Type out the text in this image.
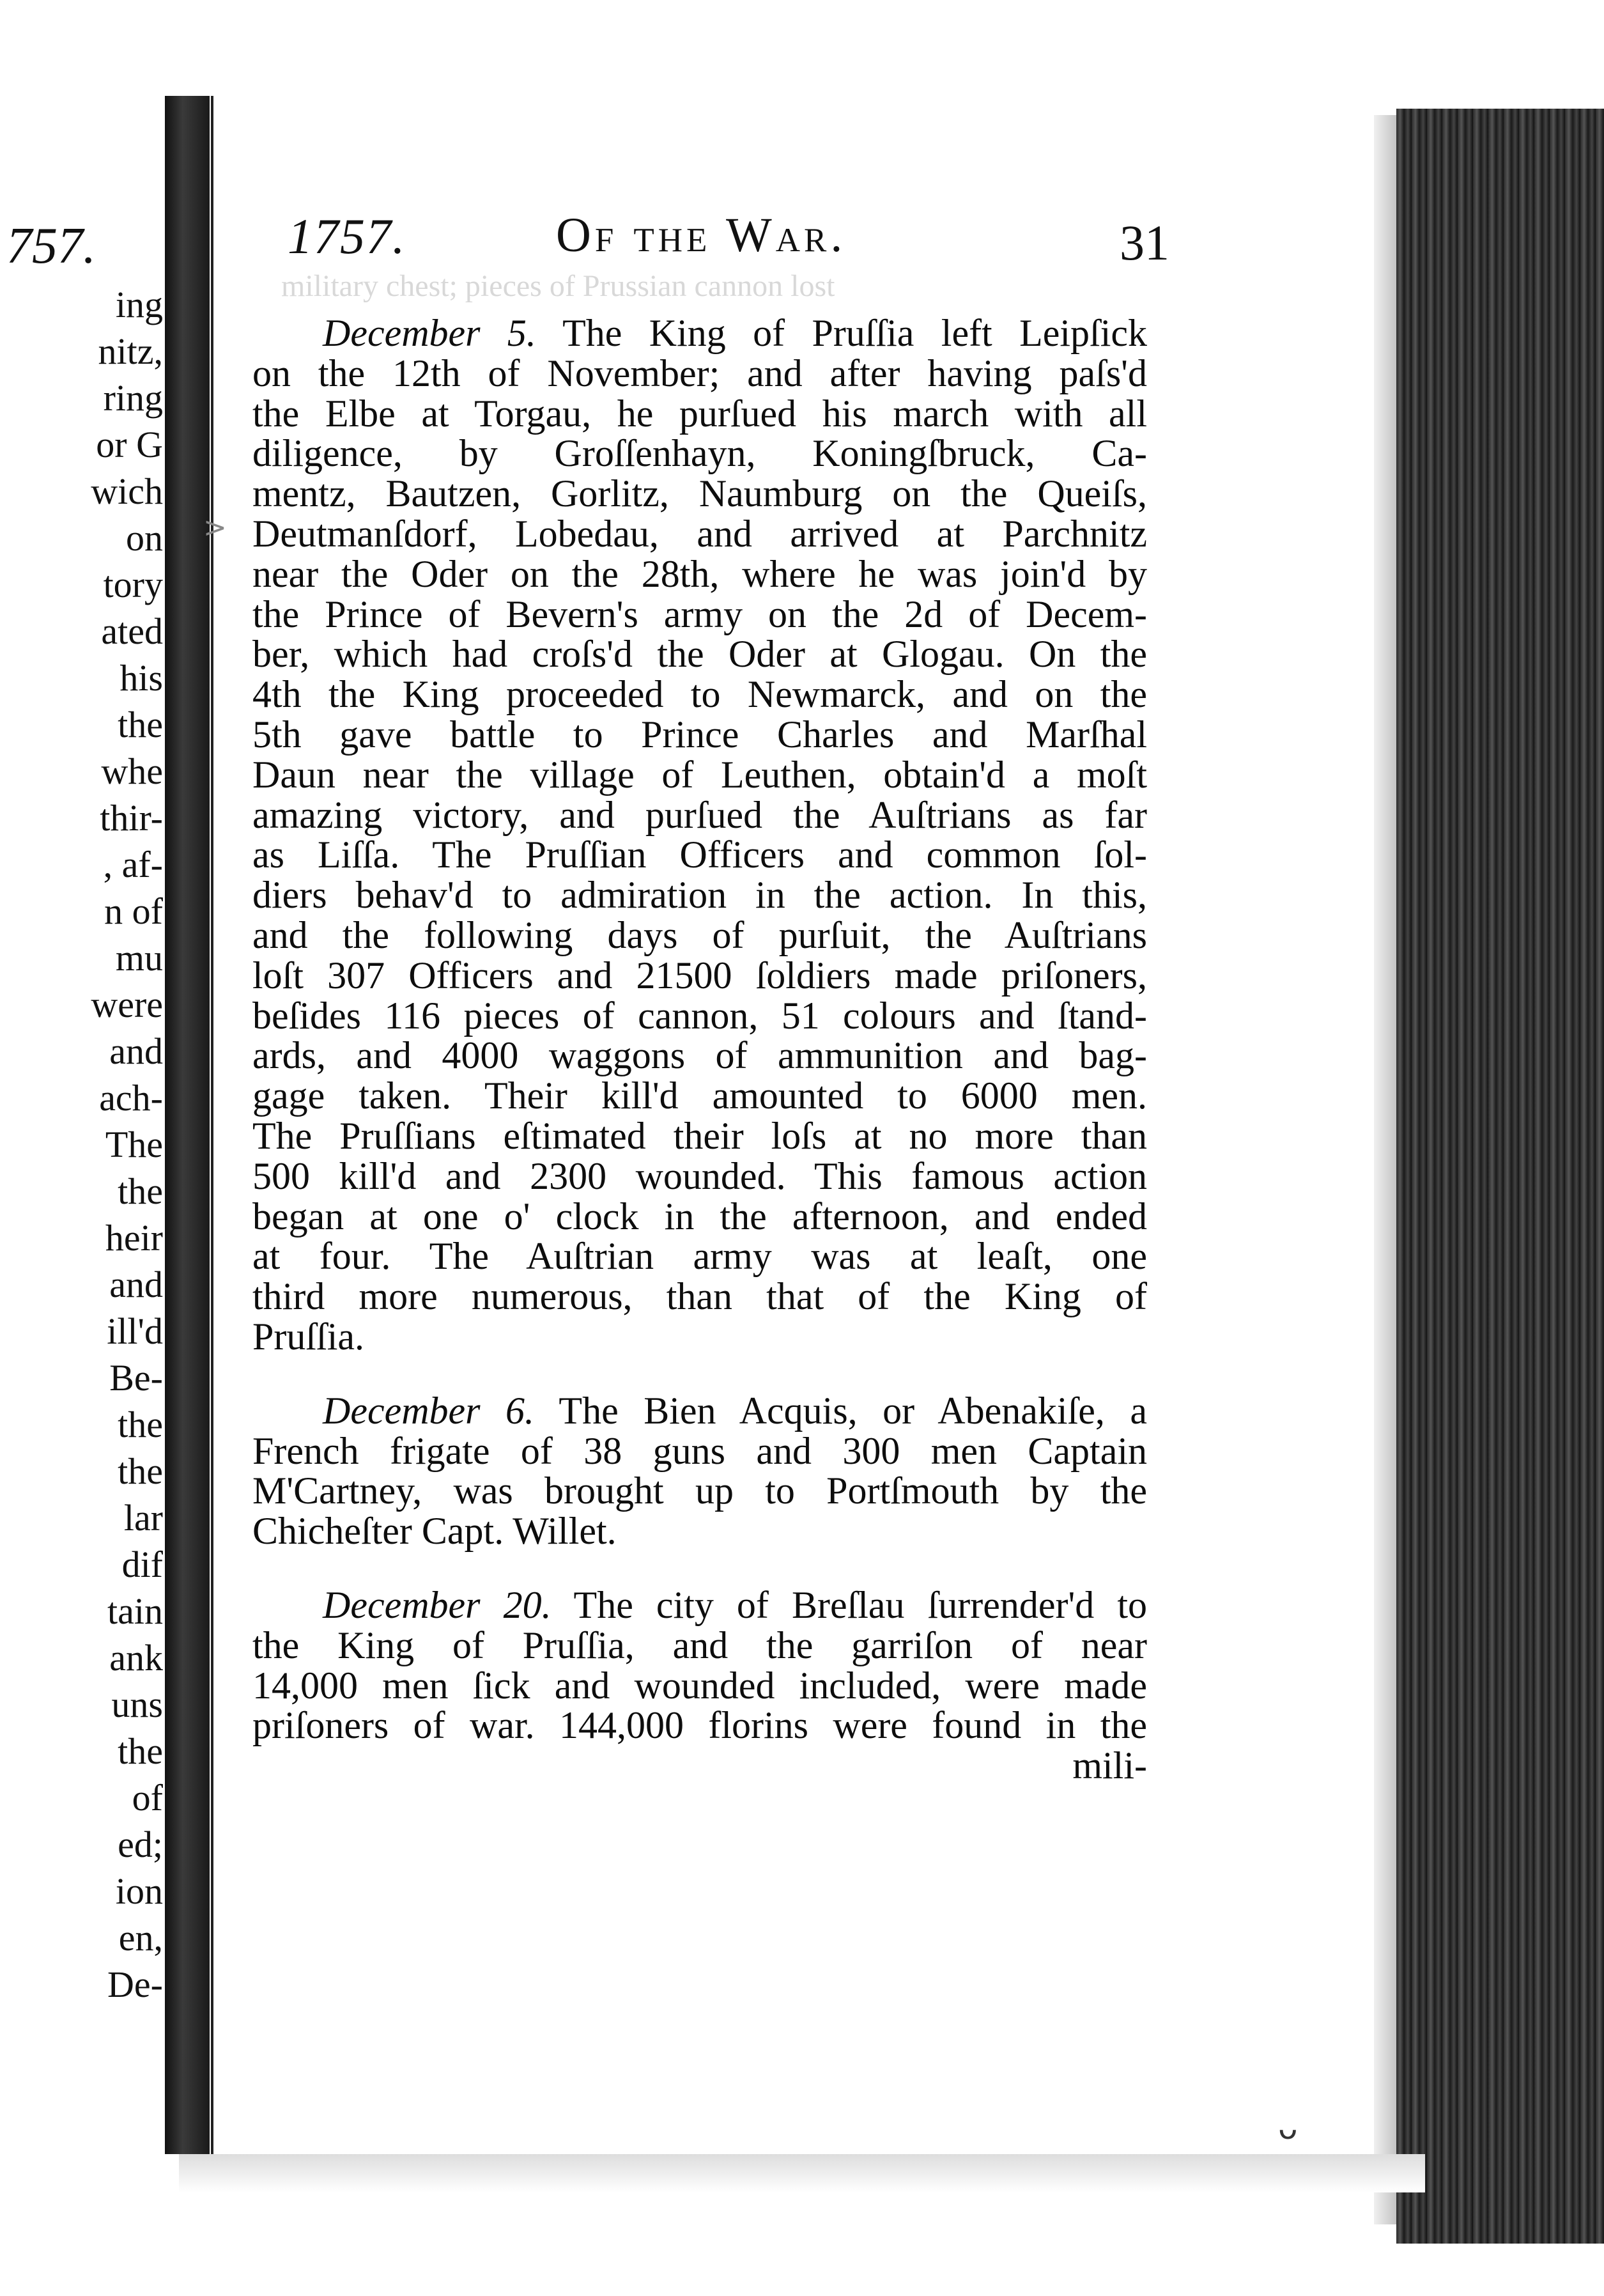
757.
ing
nitz,
ring
or G
wich
on
tory
ated
his
the
whe
thir-
, af-
n of
mu
were
and
ach-
The
the
heir
and
ill'd
Be-
the
the
lar
dif
tain
ank
uns
the
of
ed;
ion
en,
De-
military chest; pieces of Prussian cannon lost
1757.	Of the War.	31
December 5. The King of Pruſſia left Leipſick
on the 12th of November; and after having paſs'd
the Elbe at Torgau, he purſued his march with all
diligence, by Groſſenhayn, Koningſbruck, Ca-
mentz, Bautzen, Gorlitz, Naumburg on the Queiſs,
Deutmanſdorf, Lobedau, and arrived at Parchnitz
near the Oder on the 28th, where he was join'd by
the Prince of Bevern's army on the 2d of Decem-
ber, which had croſs'd the Oder at Glogau. On the
4th the King proceeded to Newmarck, and on the
5th gave battle to Prince Charles and Marſhal
Daun near the village of Leuthen, obtain'd a moſt
amazing victory, and purſued the Auſtrians as far
as Liſſa. The Pruſſian Officers and common ſol-
diers behav'd to admiration in the action. In this,
and the following days of purſuit, the Auſtrians
loſt 307 Officers and 21500 ſoldiers made priſoners,
beſides 116 pieces of cannon, 51 colours and ſtand-
ards, and 4000 waggons of ammunition and bag-
gage taken. Their kill'd amounted to 6000 men.
The Pruſſians eſtimated their loſs at no more than
500 kill'd and 2300 wounded. This famous action
began at one o' clock in the afternoon, and ended
at four. The Auſtrian army was at leaſt, one
third more numerous, than that of the King of
Pruſſia.
December 6. The Bien Acquis, or Abenakiſe, a
French frigate of 38 guns and 300 men Captain
M'Cartney, was brought up to Portſmouth by the
Chicheſter Capt. Willet.
December 20. The city of Breſlau ſurrender'd to
the King of Pruſſia, and the garriſon of near
14,000 men ſick and wounded included, were made
priſoners of war. 144,000 florins were found in the
mili-
>
ᴗ
